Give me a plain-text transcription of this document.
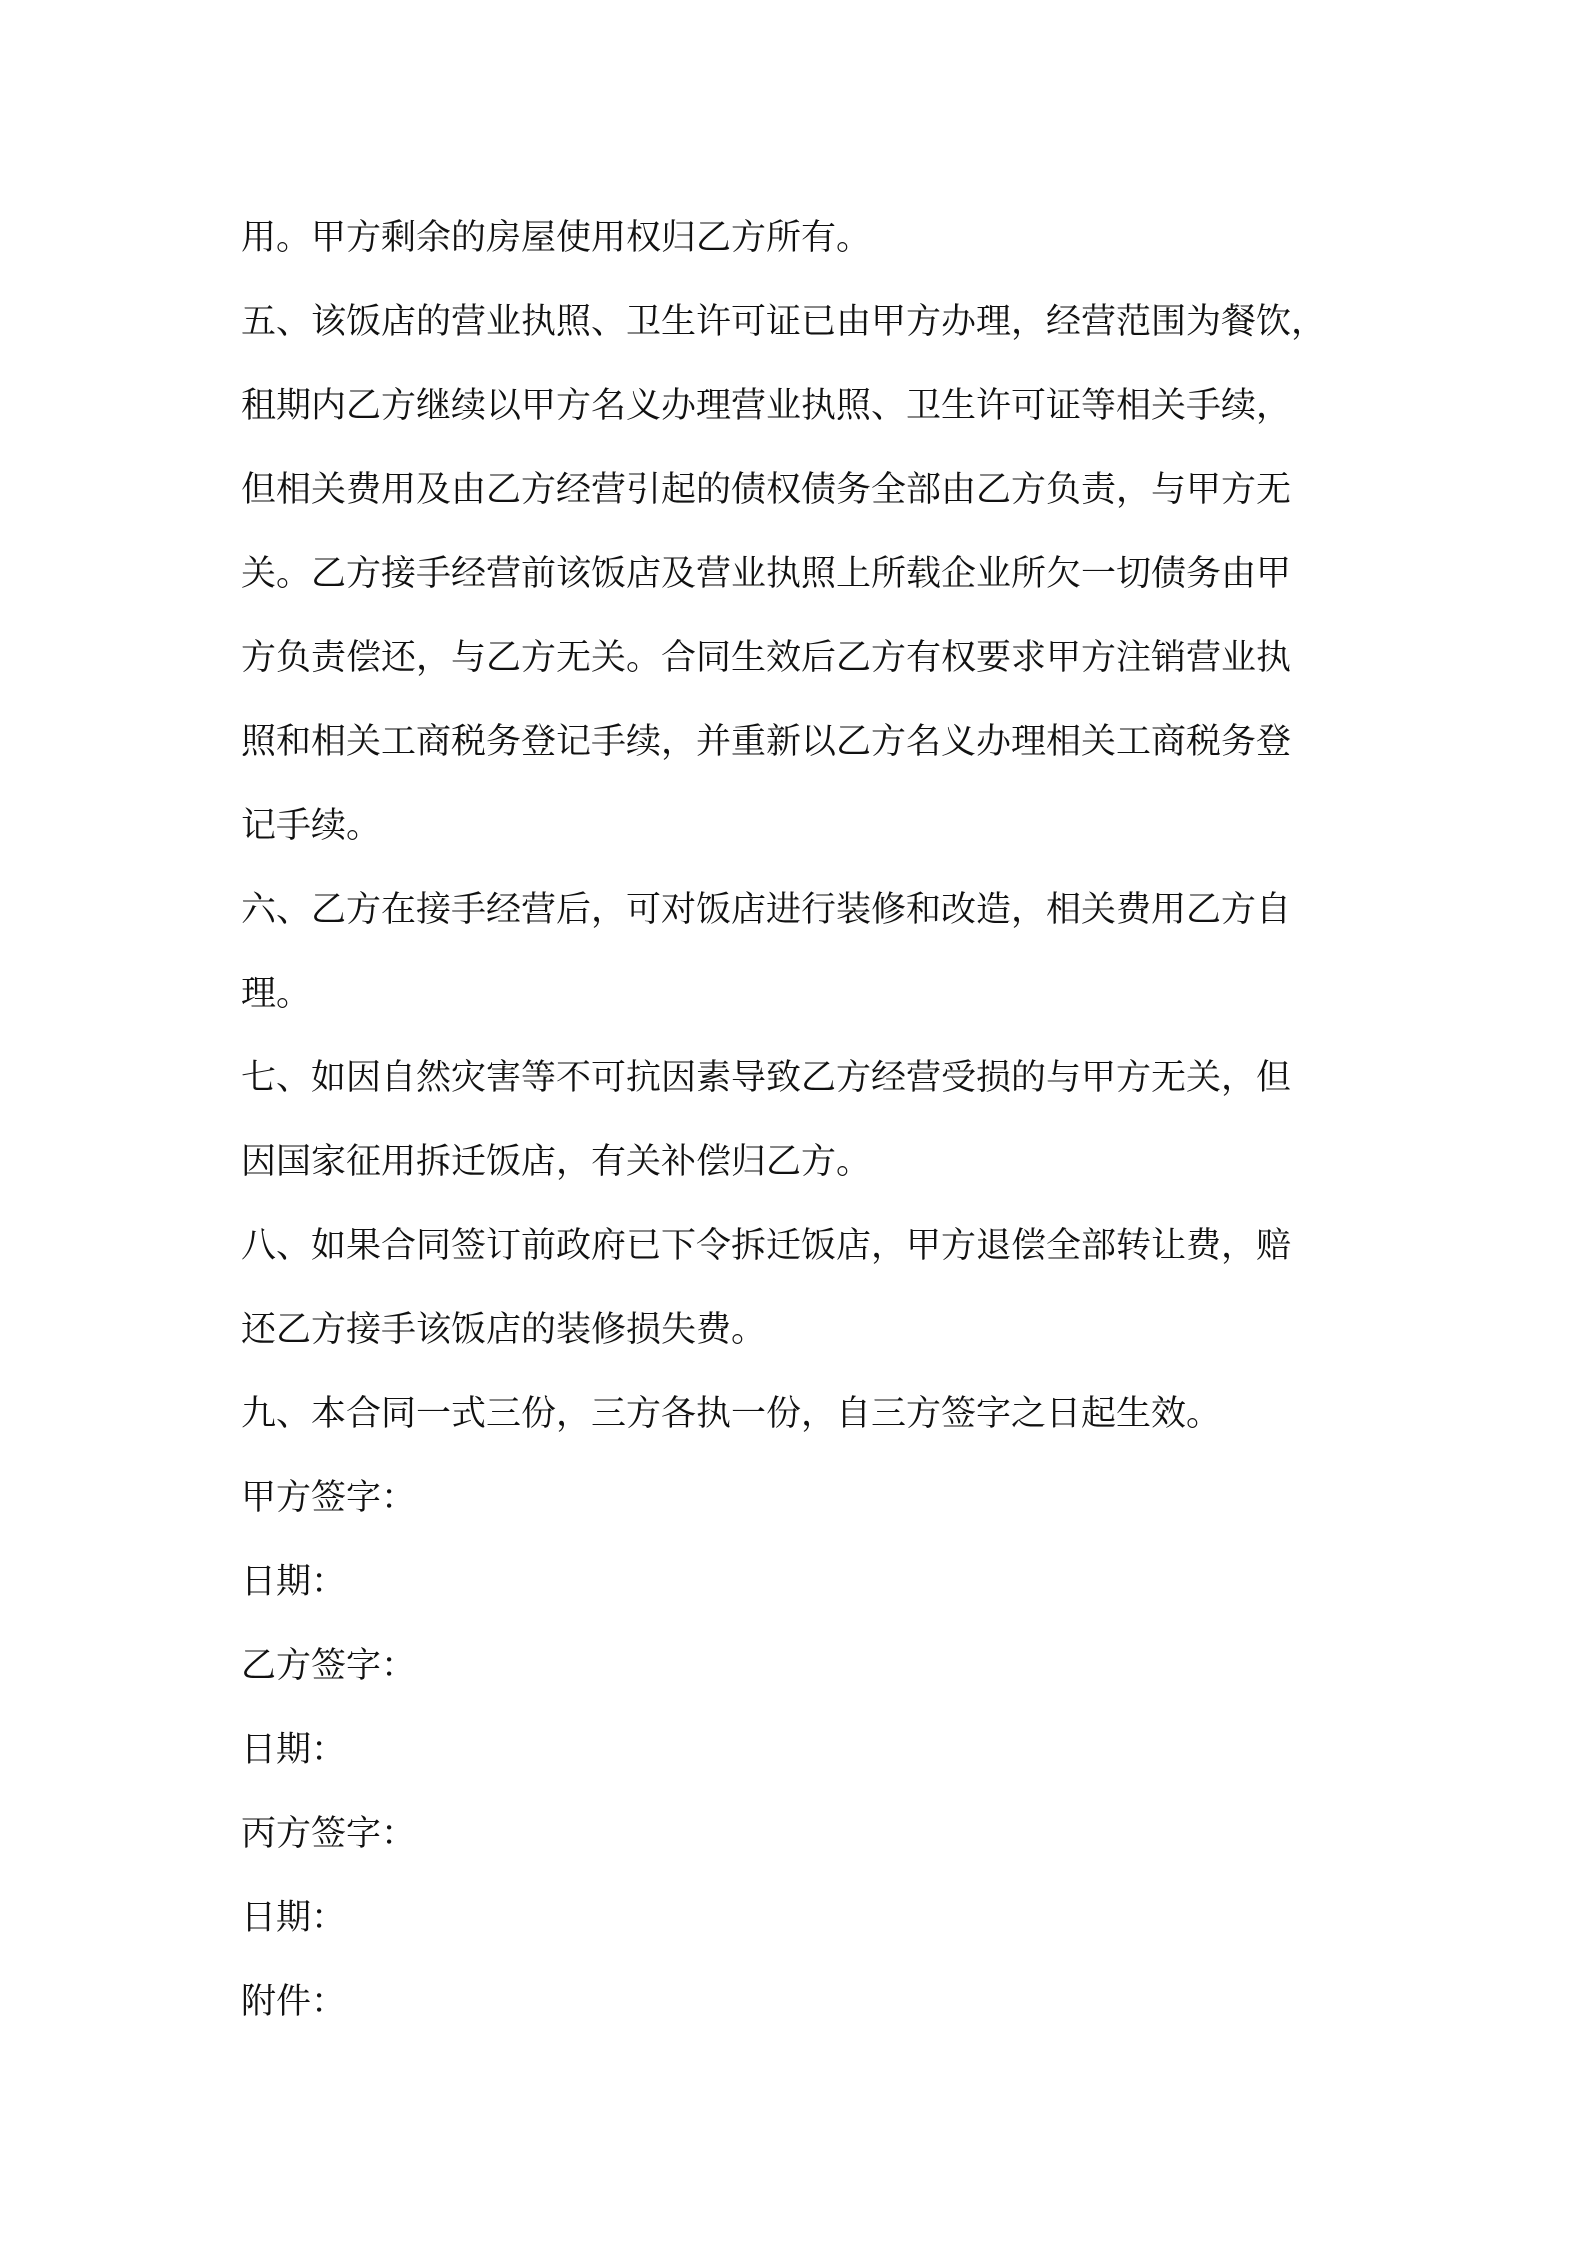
用。甲方剩余的房屋使用权归乙方所有。
五、该饭店的营业执照、卫生许可证已由甲方办理，经营范围为餐饮，
租期内乙方继续以甲方名义办理营业执照、卫生许可证等相关手续，
但相关费用及由乙方经营引起的债权债务全部由乙方负责，与甲方无
关。乙方接手经营前该饭店及营业执照上所载企业所欠一切债务由甲
方负责偿还，与乙方无关。合同生效后乙方有权要求甲方注销营业执
照和相关工商税务登记手续，并重新以乙方名义办理相关工商税务登
记手续。
六、乙方在接手经营后，可对饭店进行装修和改造，相关费用乙方自
理。
七、如因自然灾害等不可抗因素导致乙方经营受损的与甲方无关，但
因国家征用拆迁饭店，有关补偿归乙方。
八、如果合同签订前政府已下令拆迁饭店，甲方退偿全部转让费，赔
还乙方接手该饭店的装修损失费。
九、本合同一式三份，三方各执一份，自三方签字之日起生效。
甲方签字：
日期：
乙方签字：
日期：
丙方签字：
日期：
附件：
